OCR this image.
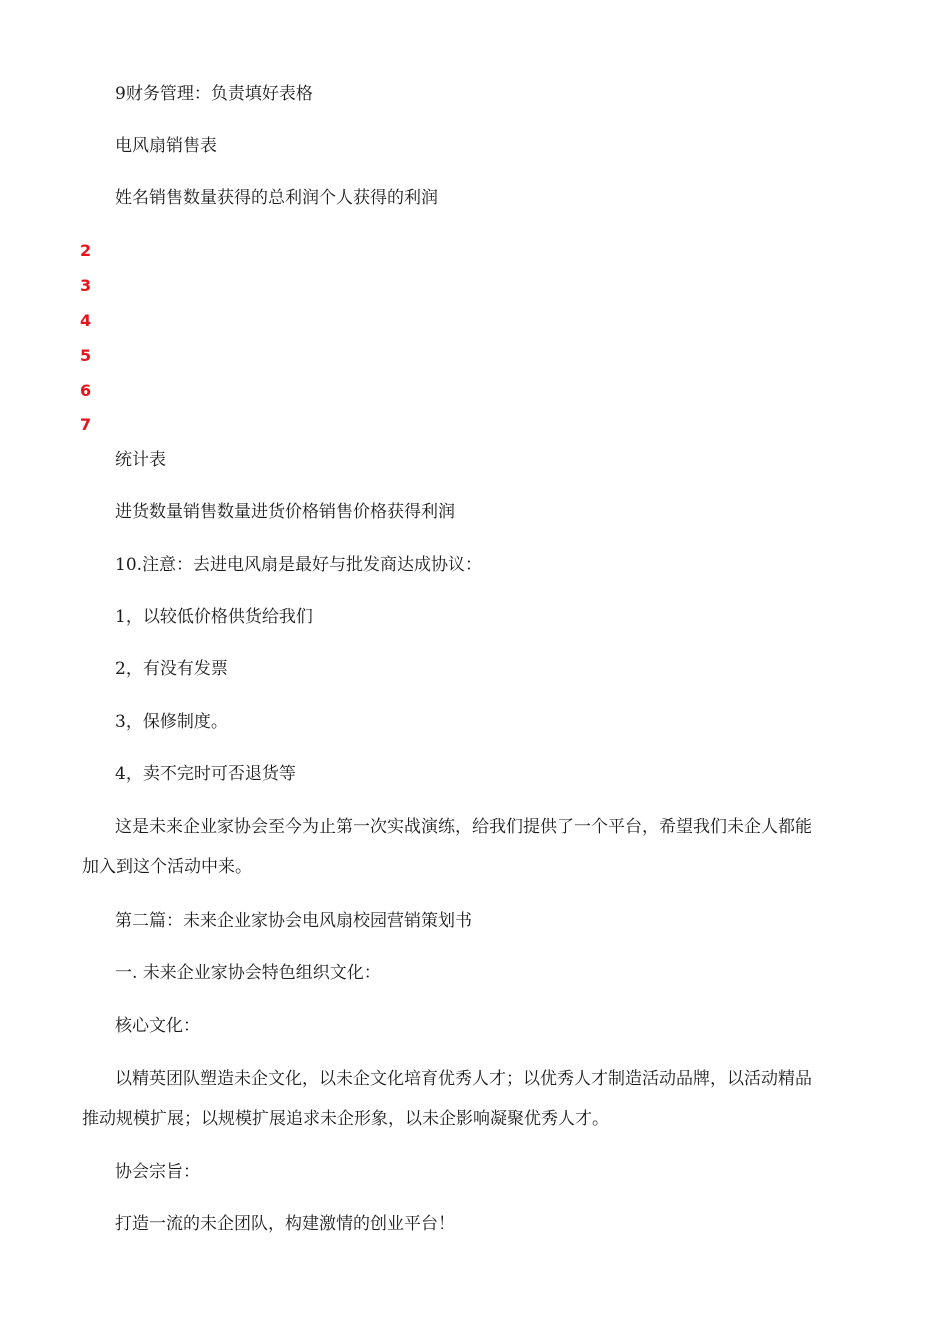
9财务管理：负责填好表格
电风扇销售表
姓名销售数量获得的总利润个人获得的利润
2
3
4
5
6
7
统计表
进货数量销售数量进货价格销售价格获得利润
10.注意：去进电风扇是最好与批发商达成协议：
1，以较低价格供货给我们
2，有没有发票
3，保修制度。
4，卖不完时可否退货等
这是未来企业家协会至今为止第一次实战演练，给我们提供了一个平台，希望我们未企人都能
加入到这个活动中来。
第二篇：未来企业家协会电风扇校园营销策划书
一. 未来企业家协会特色组织文化：
核心文化：
以精英团队塑造未企文化，以未企文化培育优秀人才；以优秀人才制造活动品牌，以活动精品
推动规模扩展；以规模扩展追求未企形象，以未企影响凝聚优秀人才。
协会宗旨：
打造一流的未企团队，构建激情的创业平台！
